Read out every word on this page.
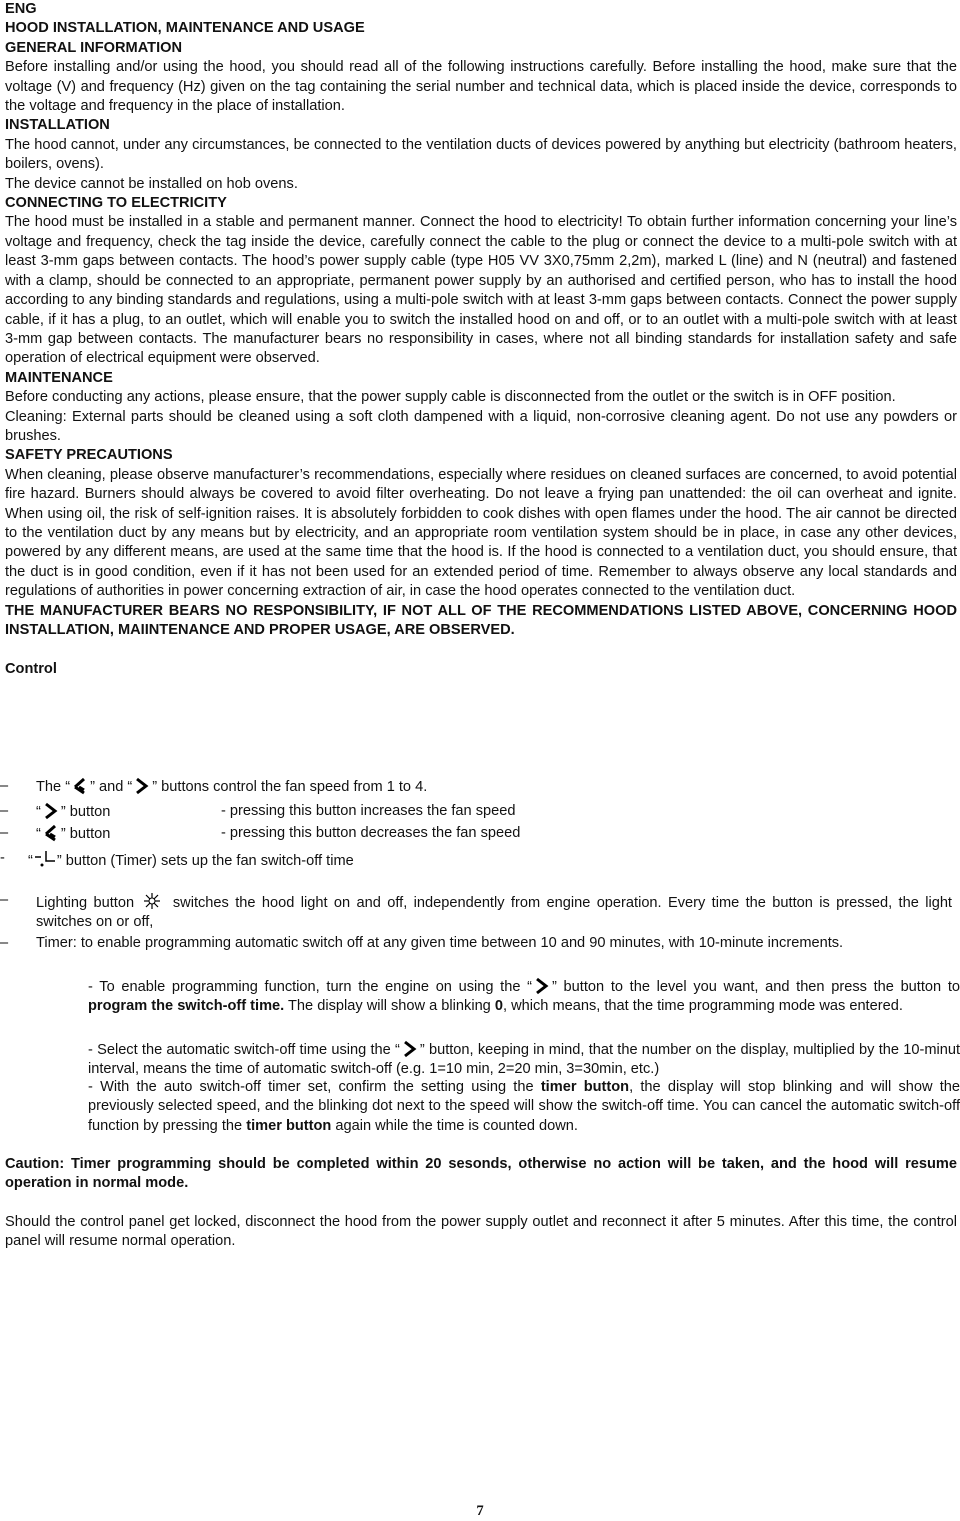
ENG
HOOD INSTALLATION, MAINTENANCE AND USAGE
GENERAL INFORMATION
Before installing and/or using the hood, you should read all of the following instructions carefully. Before installing the hood, make sure that the voltage (V) and frequency (Hz) given on the tag containing the serial number and technical data, which is placed inside the device, corresponds to the voltage and frequency in the place of installation.
INSTALLATION
The hood cannot, under any circumstances, be connected to the ventilation ducts of devices powered by anything but electricity (bathroom heaters, boilers, ovens).
The device cannot be installed on hob ovens.
CONNECTING TO ELECTRICITY
The hood must be installed in a stable and permanent manner. Connect the hood to electricity! To obtain further information concerning your line’s voltage and frequency, check the tag inside the device, carefully connect the cable to the plug or connect the device to a multi-pole switch with at least 3-mm gaps between contacts. The hood’s power supply cable (type H05 VV 3X0,75mm 2,2m), marked L (line) and N (neutral) and fastened with a clamp, should be connected to an appropriate, permanent power supply by an authorised and certified person, who has to install the hood according to any binding standards and regulations, using a multi-pole switch with at least 3-mm gaps between contacts. Connect the power supply cable, if it has a plug, to an outlet, which will enable you to switch the installed hood on and off, or to an outlet with a multi-pole switch with at least 3-mm gap between contacts. The manufacturer bears no responsibility in cases, where not all binding standards for installation safety and safe operation of electrical equipment were observed.
MAINTENANCE
Before conducting any actions, please ensure, that the power supply cable is disconnected from the outlet or the switch is in OFF position.
Cleaning: External parts should be cleaned using a soft cloth dampened with a liquid, non-corrosive cleaning agent. Do not use any powders or brushes.
SAFETY PRECAUTIONS
When cleaning, please observe manufacturer’s recommendations, especially where residues on cleaned surfaces are concerned, to avoid potential fire hazard. Burners should always be covered to avoid filter overheating. Do not leave a frying pan unattended: the oil can overheat and ignite. When using oil, the risk of self-ignition raises. It is absolutely forbidden to cook dishes with open flames under the hood. The air cannot be directed to the ventilation duct by any means but by electricity, and an appropriate room ventilation system should be in place, in case any other devices, powered by any different means, are used at the same time that the hood is. If the hood is connected to a ventilation duct, you should ensure, that the duct is in good condition, even if it has not been used for an extended period of time. Remember to always observe any local standards and regulations of authorities in power concerning extraction of air, in case the hood operates connected to the ventilation duct.
THE MANUFACTURER BEARS NO RESPONSIBILITY, IF NOT ALL OF THE RECOMMENDATIONS LISTED ABOVE, CONCERNING HOOD INSTALLATION, MAIINTENANCE AND PROPER USAGE, ARE OBSERVED.
Control
– The “ ” and “ ” buttons control the fan speed from 1 to 4.
– “ ” button	- pressing this button increases the fan speed
– “ ” button	- pressing this button decreases the fan speed
- “ ” button (Timer) sets up the fan switch-off time
– Lighting button	switches the hood light on and off, independently from engine operation. Every time the button is pressed, the light switches on or off,
– Timer: to enable programming automatic switch off at any given time between 10 and 90 minutes, with 10-minute increments.
- To enable programming function, turn the engine on using the “ ” button to the level you want, and then press the button to program the switch-off time. The display will show a blinking 0, which means, that the time programming mode was entered.
- Select the automatic switch-off time using the “ ” button, keeping in mind, that the number on the display, multiplied by the 10-minut interval, means the time of automatic switch-off (e.g. 1=10 min, 2=20 min, 3=30min, etc.)
- With the auto switch-off timer set, confirm the setting using the timer button, the display will stop blinking and will show the previously selected speed, and the blinking dot next to the speed will show the switch-off time. You can cancel the automatic switch-off function by pressing the timer button again while the time is counted down.
Caution: Timer programming should be completed within 20 sesonds, otherwise no action will be taken, and the hood will resume operation in normal mode.
Should the control panel get locked, disconnect the hood from the power supply outlet and reconnect it after 5 minutes. After this time, the control panel will resume normal operation.
7
